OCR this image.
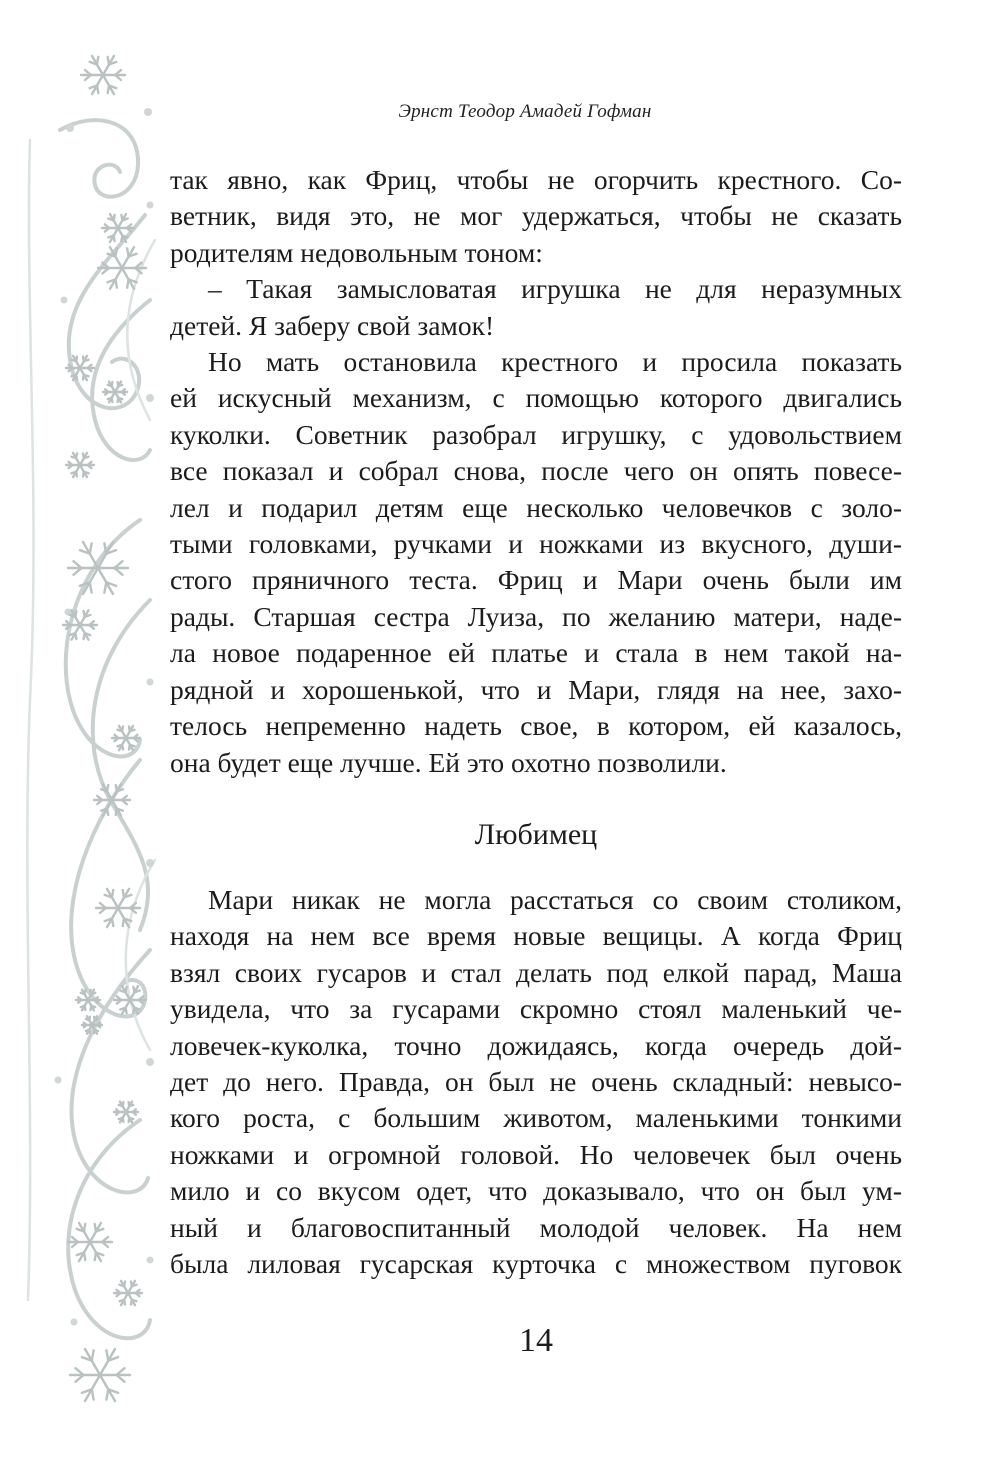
Эрнст Теодор Амадей Гофман
так явно, как Фриц, чтобы не огорчить крестного. Со-
ветник, видя это, не мог удержаться, чтобы не сказать
родителям недовольным тоном:
– Такая замысловатая игрушка не для неразумных
детей. Я заберу свой замок!
Но мать остановила крестного и просила показать
ей искусный механизм, с помощью которого двигались
куколки. Советник разобрал игрушку, с удовольствием
все показал и собрал снова, после чего он опять повесе-
лел и подарил детям еще несколько человечков с золо-
тыми головками, ручками и ножками из вкусного, души-
стого пряничного теста. Фриц и Мари очень были им
рады. Старшая сестра Луиза, по желанию матери, наде-
ла новое подаренное ей платье и стала в нем такой на-
рядной и хорошенькой, что и Мари, глядя на нее, захо-
телось непременно надеть свое, в котором, ей казалось,
она будет еще лучше. Ей это охотно позволили.
Любимец
Мари никак не могла расстаться со своим столиком,
находя на нем все время новые вещицы. А когда Фриц
взял своих гусаров и стал делать под елкой парад, Маша
увидела, что за гусарами скромно стоял маленький че-
ловечек-куколка, точно дожидаясь, когда очередь дой-
дет до него. Правда, он был не очень складный: невысо-
кого роста, с большим животом, маленькими тонкими
ножками и огромной головой. Но человечек был очень
мило и со вкусом одет, что доказывало, что он был ум-
ный и благовоспитанный молодой человек. На нем
была лиловая гусарская курточка с множеством пуговок
14
